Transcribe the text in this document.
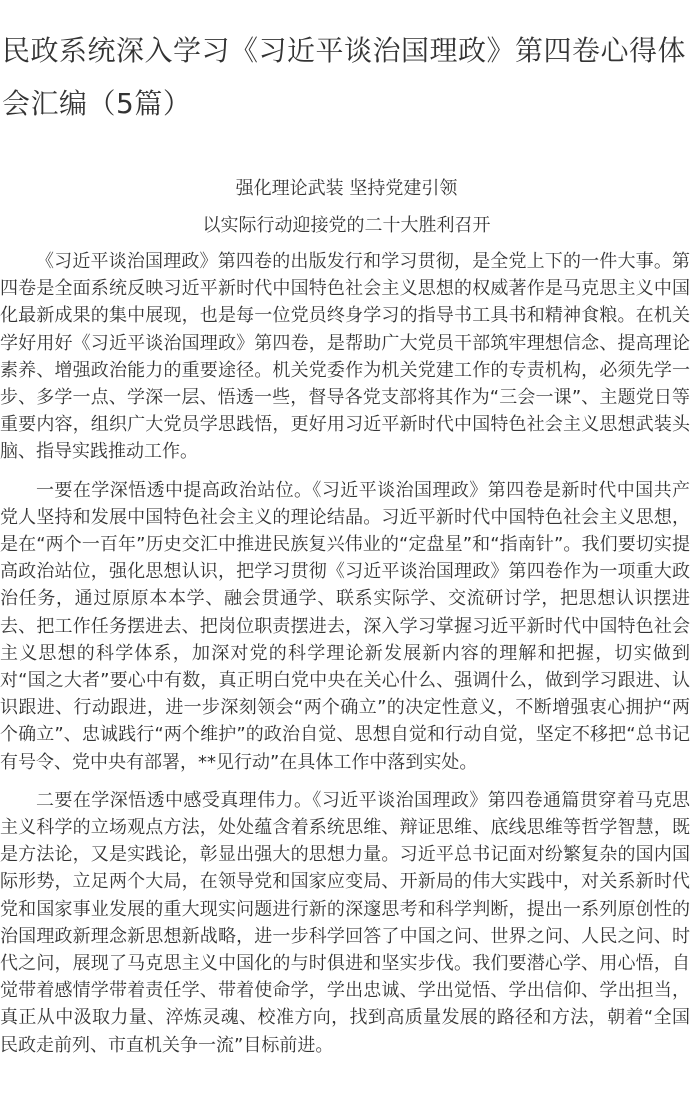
民政系统深入学习《习近平谈治国理政》第四卷心得体会汇编（5篇）

强化理论武装 坚持党建引领

以实际行动迎接党的二十大胜利召开

《习近平谈治国理政》第四卷的出版发行和学习贯彻，是全党上下的一件大事。第四卷是全面系统反映习近平新时代中国特色社会主义思想的权威著作是马克思主义中国化最新成果的集中展现，也是每一位党员终身学习的指导书工具书和精神食粮。在机关学好用好《习近平谈治国理政》第四卷，是帮助广大党员干部筑牢理想信念、提高理论素养、增强政治能力的重要途径。机关党委作为机关党建工作的专责机构，必须先学一步、多学一点、学深一层、悟透一些，督导各党支部将其作为“三会一课”、主题党日等重要内容，组织广大党员学思践悟，更好用习近平新时代中国特色社会主义思想武装头脑、指导实践推动工作。

一要在学深悟透中提高政治站位。《习近平谈治国理政》第四卷是新时代中国共产党人坚持和发展中国特色社会主义的理论结晶。习近平新时代中国特色社会主义思想，是在“两个一百年”历史交汇中推进民族复兴伟业的“定盘星”和“指南针”。我们要切实提高政治站位，强化思想认识，把学习贯彻《习近平谈治国理政》第四卷作为一项重大政治任务，通过原原本本学、融会贯通学、联系实际学、交流研讨学，把思想认识摆进去、把工作任务摆进去、把岗位职责摆进去，深入学习掌握习近平新时代中国特色社会主义思想的科学体系，加深对党的科学理论新发展新内容的理解和把握，切实做到对“国之大者”要心中有数，真正明白党中央在关心什么、强调什么，做到学习跟进、认识跟进、行动跟进，进一步深刻领会“两个确立”的决定性意义，不断增强衷心拥护“两个确立”、忠诚践行“两个维护”的政治自觉、思想自觉和行动自觉，坚定不移把“总书记有号令、党中央有部署，**见行动”在具体工作中落到实处。

二要在学深悟透中感受真理伟力。《习近平谈治国理政》第四卷通篇贯穿着马克思主义科学的立场观点方法，处处蕴含着系统思维、辩证思维、底线思维等哲学智慧，既是方法论，又是实践论，彰显出强大的思想力量。习近平总书记面对纷繁复杂的国内国际形势，立足两个大局，在领导党和国家应变局、开新局的伟大实践中，对关系新时代党和国家事业发展的重大现实问题进行新的深邃思考和科学判断，提出一系列原创性的治国理政新理念新思想新战略，进一步科学回答了中国之问、世界之问、人民之问、时代之问，展现了马克思主义中国化的与时俱进和坚实步伐。我们要潜心学、用心悟，自觉带着感情学带着责任学、带着使命学，学出忠诚、学出觉悟、学出信仰、学出担当，真正从中汲取力量、淬炼灵魂、校准方向，找到高质量发展的路径和方法，朝着“全国民政走前列、市直机关争一流”目标前进。
